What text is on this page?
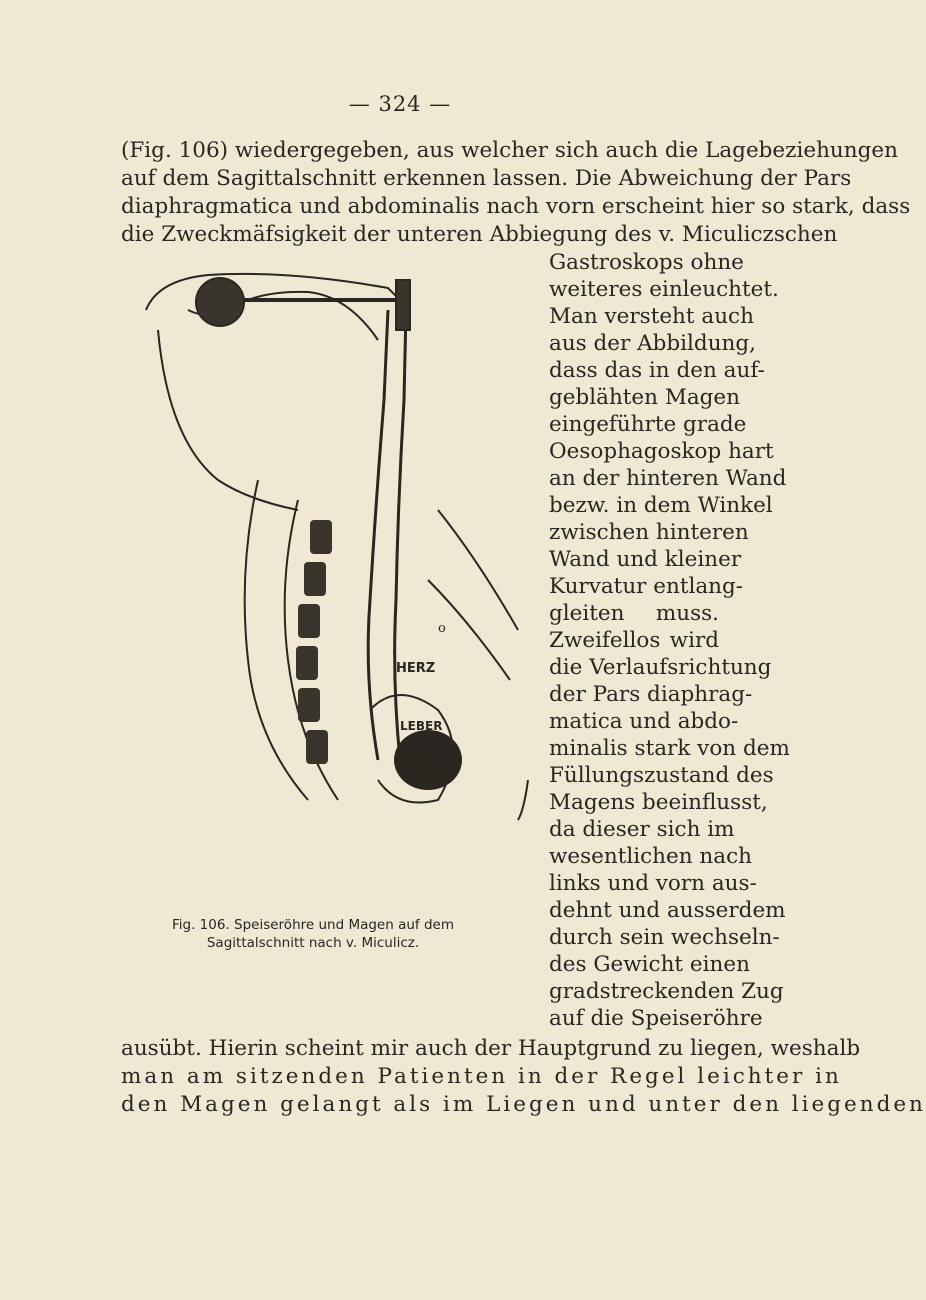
— 324 —
(Fig. 106) wiedergegeben, aus welcher sich auch die Lagebeziehungen
auf dem Sagittalschnitt erkennen lassen. Die Abweichung der Pars
diaphragmatica und abdominalis nach vorn erscheint hier so stark, dass
die Zweckmäfsigkeit der unteren Abbiegung des v. Miculiczschen
Gastroskops ohne
weiteres einleuchtet.
Man versteht auch
aus der Abbildung,
dass das in den auf-
geblähten Magen
eingeführte grade
Oesophagoskop hart
an der hinteren Wand
bezw. in dem Winkel
zwischen hinteren
Wand und kleiner
Kurvatur entlang-
gleiten muss.
Zweifellos wird
die Verlaufsrichtung
der Pars diaphrag-
matica und abdo-
minalis stark von dem
Füllungszustand des
Magens beeinflusst,
da dieser sich im
wesentlichen nach
links und vorn aus-
dehnt und ausserdem
durch sein wechseln-
des Gewicht einen
gradstreckenden Zug
auf die Speiseröhre
HERZ
LEBER
o
Fig. 106. Speiseröhre und Magen auf dem
Sagittalschnitt nach v. Miculicz.
ausübt. Hierin scheint mir auch der Hauptgrund zu liegen, weshalb
man am sitzenden Patienten in der Regel leichter in
den Magen gelangt als im Liegen und unter den liegenden
